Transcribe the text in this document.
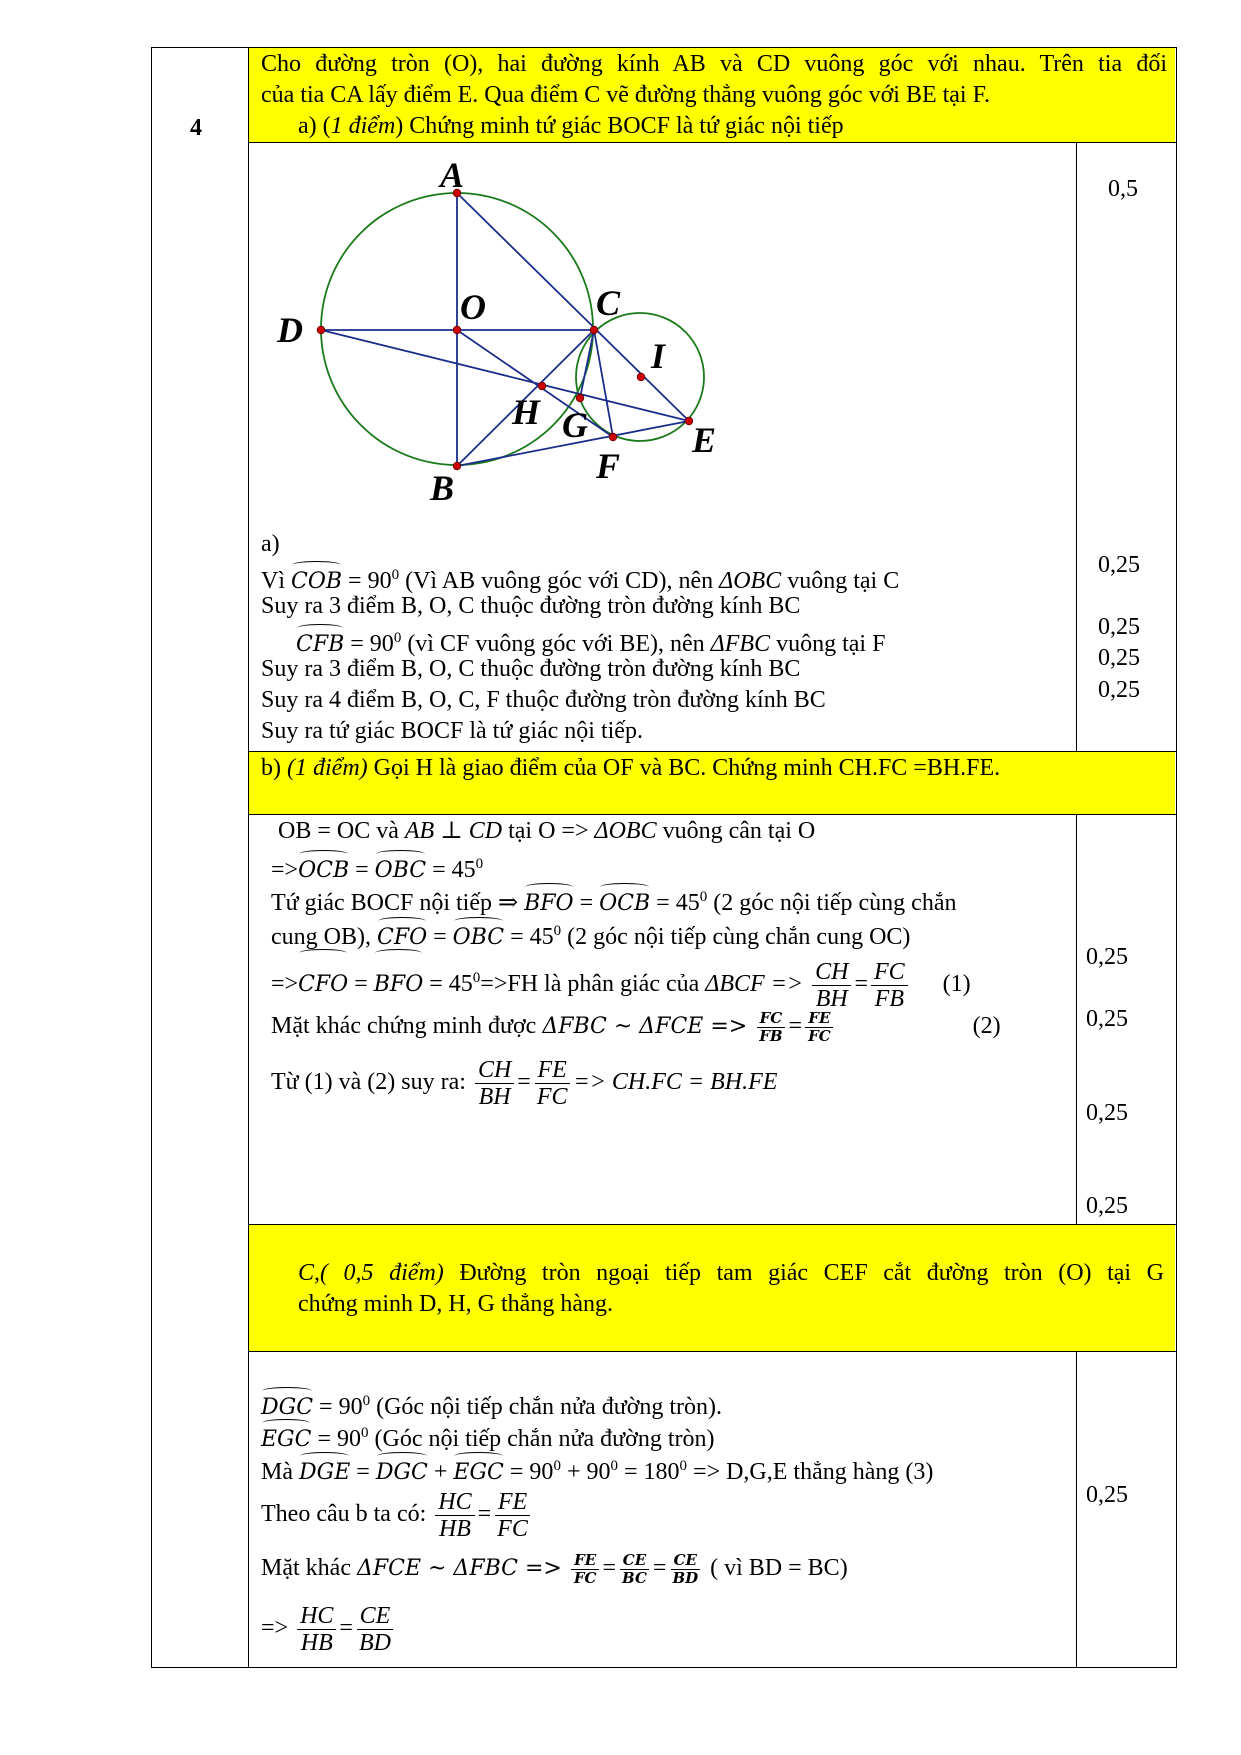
4
Cho đường tròn (O), hai đường kính AB và CD vuông góc với nhau. Trên tia đối
của tia CA lấy điểm E. Qua điểm C vẽ đường thẳng vuông góc với BE tại F.
a) (1 điểm) Chứng minh tứ giác BOCF là tứ giác nội tiếp
A
O
D
C
I
H G	E
F
B
a)
Vì COB = $90^0$ (Vì AB vuông góc với CD), nên ΔOBC vuông tại C
Suy ra 3 điểm B, O, C thuộc đường tròn đường kính BC
CFB = $90^0$ (vì CF vuông góc với BE), nên ΔFBC vuông tại F
Suy ra 3 điểm B, O, C thuộc đường tròn đường kính BC
Suy ra 4 điểm B, O, C, F thuộc đường tròn đường kính BC
Suy ra tứ giác BOCF là tứ giác nội tiếp.
0,5
0,25
0,25
0,25
0,25
b) (1 điểm) Gọi H là giao điểm của OF và BC. Chứng minh CH.FC =BH.FE.
OB = OC và AB ⊥ CD tại O => ΔOBC vuông cân tại O
=>OCB = OBC = $45^0$
Tứ giác BOCF nội tiếp ⇒ BFO = OCB = $45^0$ (2 góc nội tiếp cùng chắn
cung OB), CFO = OBC = $45^0$ (2 góc nội tiếp cùng chắn cung OC)
=>CFO = BFO = $45^0=>FH$ là phân giác của $\Delta BCF => \frac{CH}{BH} = \frac{FC}{FB} (1)$
Mặt khác chứng minh được ΔFBC ~ $\Delta FCE => \frac{FC}{FB} = \frac{FE}{FC}$	(2)
Từ (1) và (2) suy ra: $\frac{CH}{BH} = \frac{FE}{FC} => CH.FC = BH.FE$
0,25
0,25
0,25
0,25
C,( 0,5 điểm) Đường tròn ngoại tiếp tam giác CEF cắt đường tròn (O) tại G
chứng minh D, H, G thẳng hàng.
DGC = $90^0$ (Góc nội tiếp chắn nửa đường tròn).
EGC = $90^0$ (Góc nội tiếp chắn nửa đường tròn)
Mà DGE = DGC + EGC = $90^0 + 90^0 = 180^0 => D,G,E$ thẳng hàng (3)
Theo câu b ta có: $\frac{HC}{HB} = \frac{FE}{FC}$
Mặt khác ΔFCE ~ $\Delta FBC => \frac{FE}{FC} = \frac{CE}{BC} = \frac{CE}{BD}$ ( vì BD = BC)
=> $\frac{HC}{HB} = \frac{CE}{BD}$
0,25
